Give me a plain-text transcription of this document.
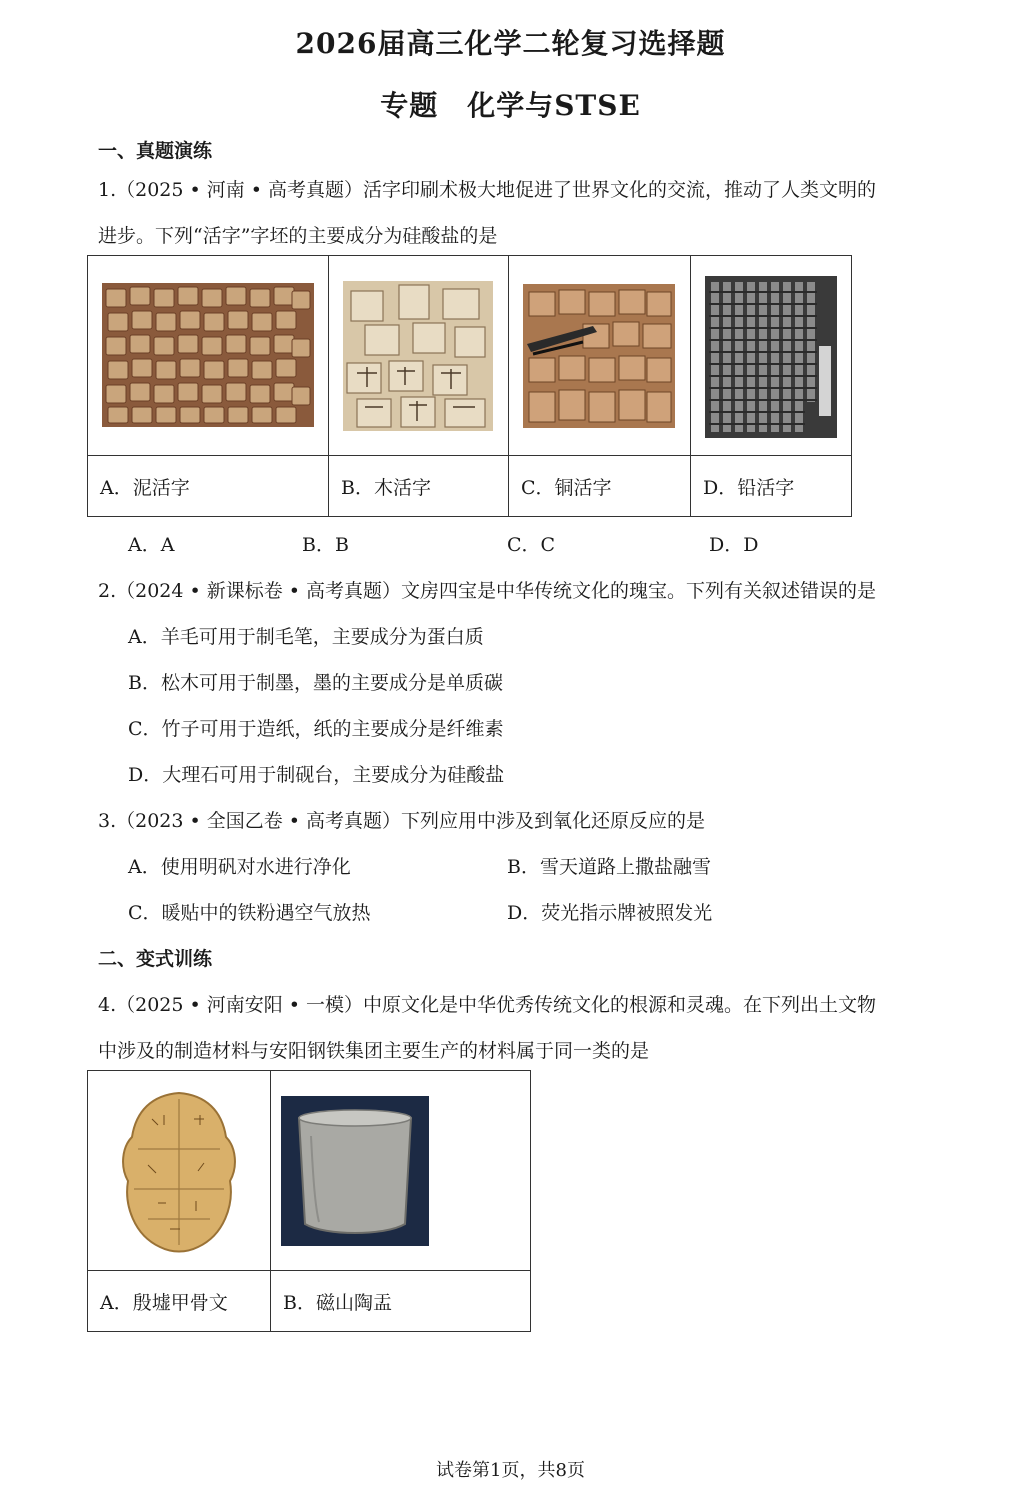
2026届高三化学二轮复习选择题
专题　化学与STSE
一、真题演练
1.（2025 • 河南 • 高考真题）活字印刷术极大地促进了世界文化的交流，推动了人类文明的
进步。下列“活字”字坯的主要成分为硅酸盐的是

A．泥活字	B．木活字	C．铜活字	D．铅活字
A．A	B．B	C．C	D．D
2.（2024 • 新课标卷 • 高考真题）文房四宝是中华传统文化的瑰宝。下列有关叙述错误的是
A．羊毛可用于制毛笔，主要成分为蛋白质
B．松木可用于制墨，墨的主要成分是单质碳
C．竹子可用于造纸，纸的主要成分是纤维素
D．大理石可用于制砚台，主要成分为硅酸盐
3.（2023 • 全国乙卷 • 高考真题）下列应用中涉及到氧化还原反应的是
A．使用明矾对水进行净化	B．雪天道路上撒盐融雪
C．暖贴中的铁粉遇空气放热	D．荧光指示牌被照发光
二、变式训练
4.（2025 • 河南安阳 • 一模）中原文化是中华优秀传统文化的根源和灵魂。在下列出土文物
中涉及的制造材料与安阳钢铁集团主要生产的材料属于同一类的是

A．殷墟甲骨文	B．磁山陶盂
试卷第1页，共8页
